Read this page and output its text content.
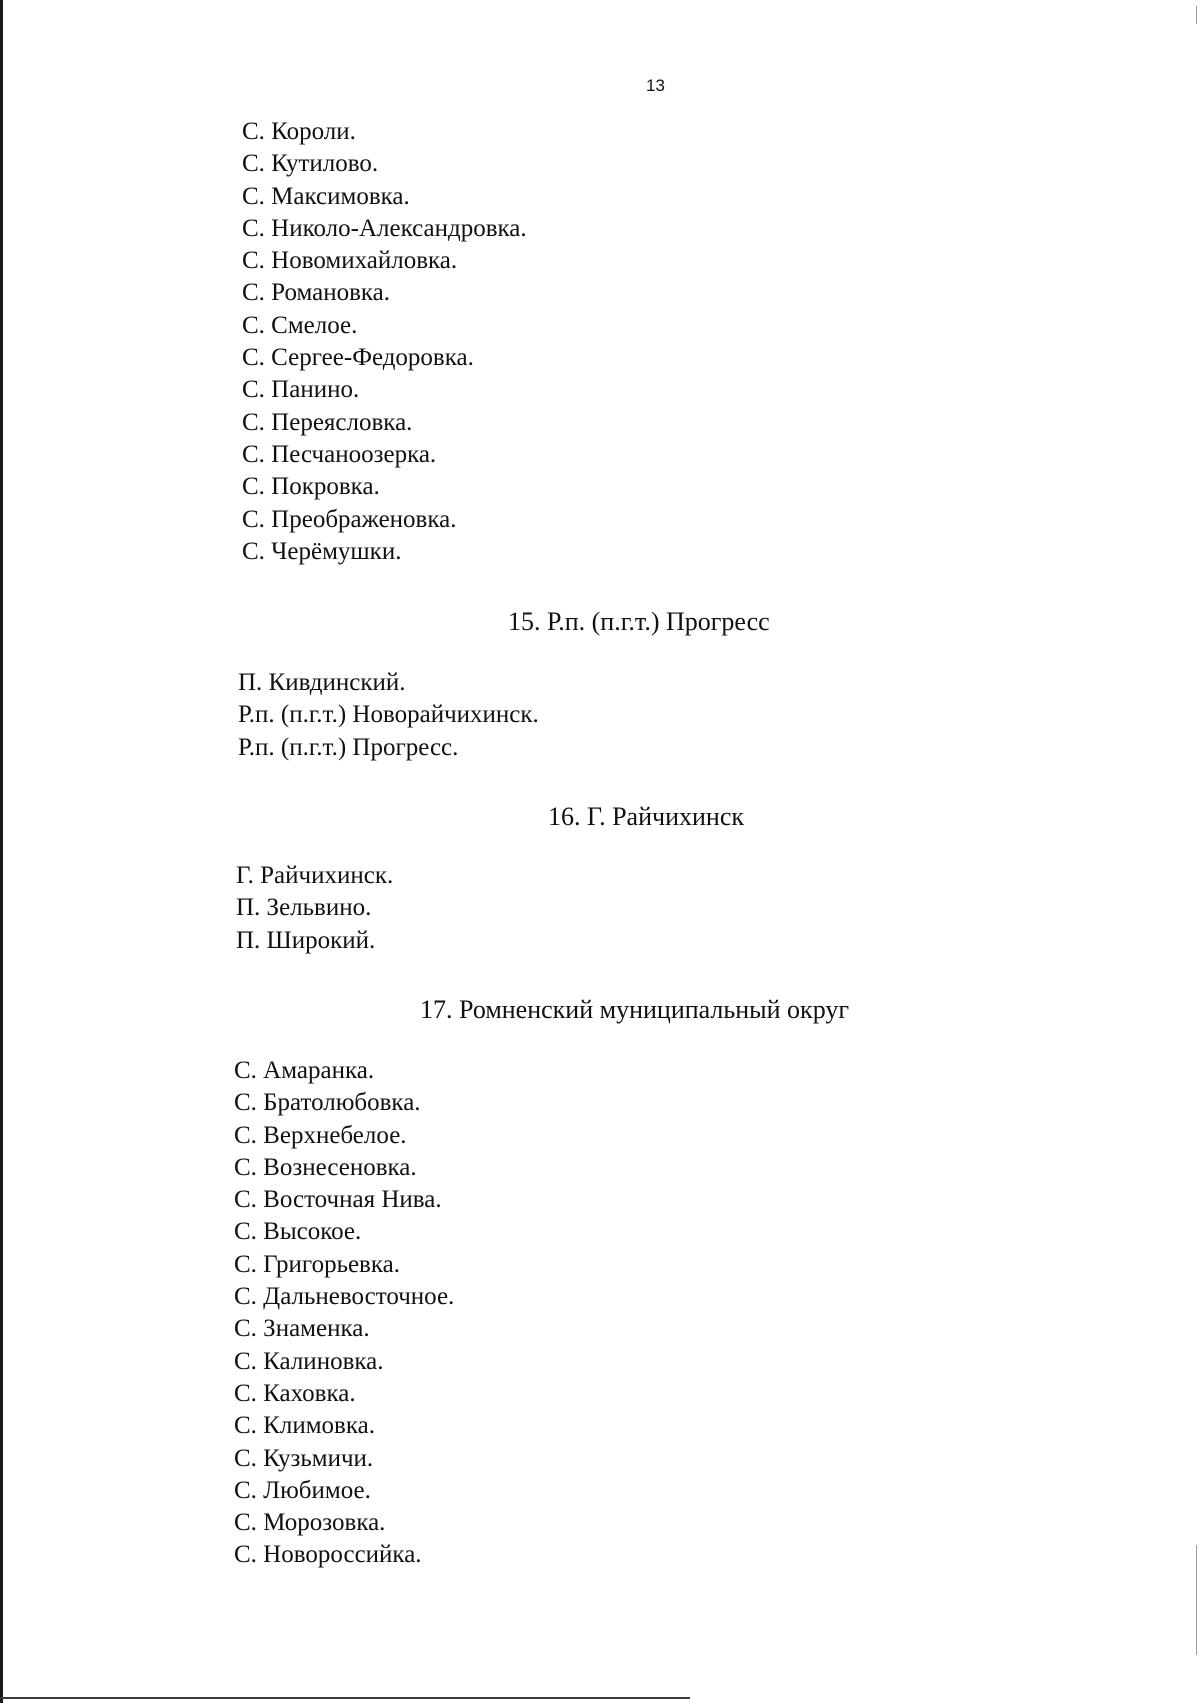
13
С. Короли.
С. Кутилово.
С. Максимовка.
С. Николо-Александровка.
С. Новомихайловка.
С. Романовка.
С. Смелое.
С. Сергее-Федоровка.
С. Панино.
С. Переясловка.
С. Песчаноозерка.
С. Покровка.
С. Преображеновка.
С. Черёмушки.
15. Р.п. (п.г.т.) Прогресс
П. Кивдинский.
Р.п. (п.г.т.) Новорайчихинск.
Р.п. (п.г.т.) Прогресс.
16. Г. Райчихинск
Г. Райчихинск.
П. Зельвино.
П. Широкий.
17. Ромненский муниципальный округ
С. Амаранка.
С. Братолюбовка.
С. Верхнебелое.
С. Вознесеновка.
С. Восточная Нива.
С. Высокое.
С. Григорьевка.
С. Дальневосточное.
С. Знаменка.
С. Калиновка.
С. Каховка.
С. Климовка.
С. Кузьмичи.
С. Любимое.
С. Морозовка.
С. Новороссийка.
